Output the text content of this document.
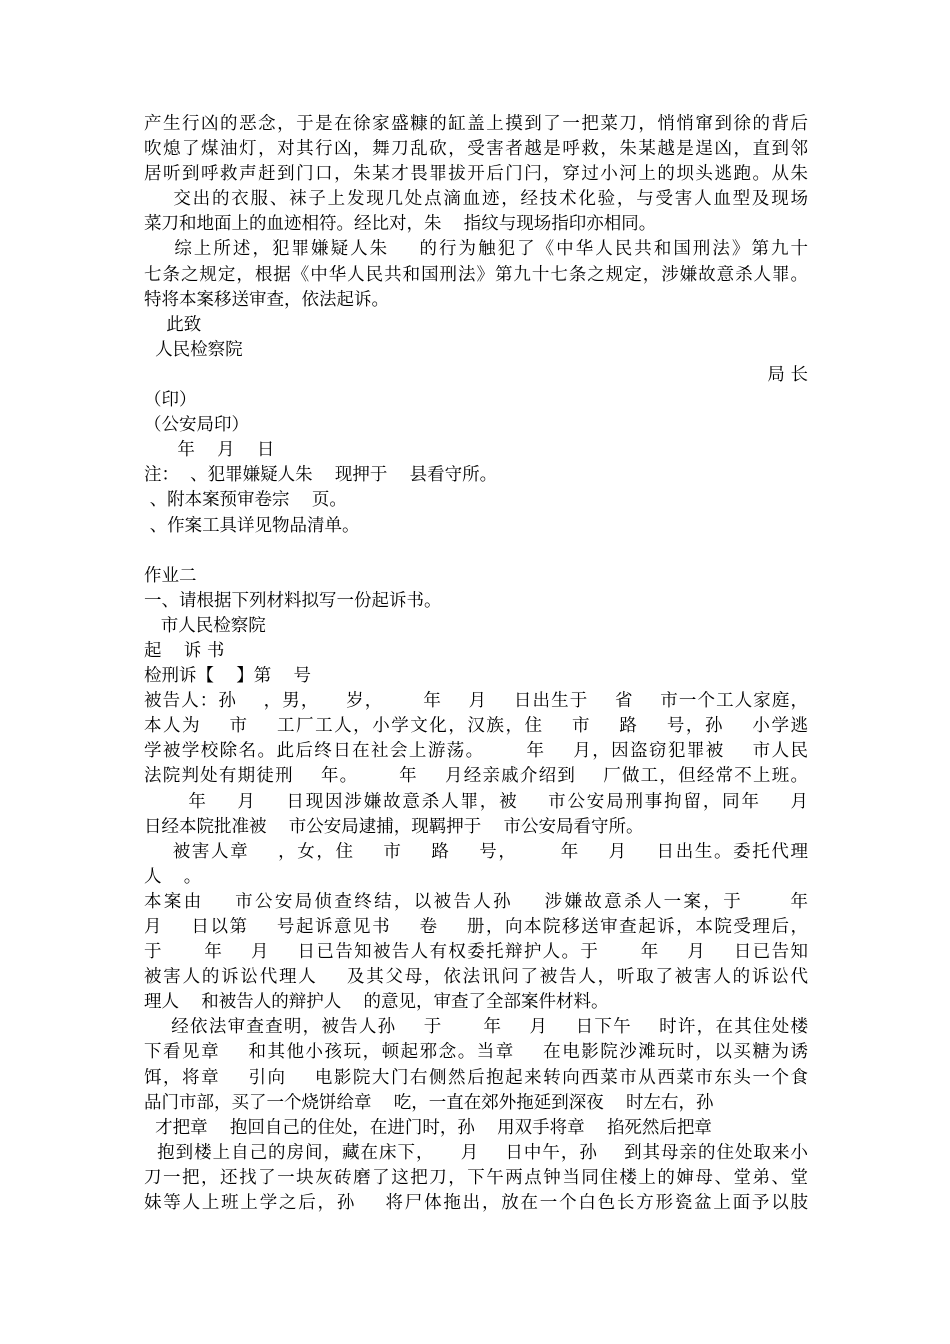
产生行凶的恶念，于是在徐家盛糠的缸盖上摸到了一把菜刀，悄悄窜到徐的背后
吹熄了煤油灯，对其行凶，舞刀乱砍，受害者越是呼救，朱某越是逞凶，直到邻
居听到呼救声赶到门口，朱某才畏罪拔开后门闩，穿过小河上的坝头逃跑。从朱
交出的衣服、袜子上发现几处点滴血迹，经技术化验，与受害人血型及现场
菜刀和地面上的血迹相符。经比对，朱    指纹与现场指印亦相同。
综上所述，犯罪嫌疑人朱    的行为触犯了《中华人民共和国刑法》第九十
七条之规定，根据《中华人民共和国刑法》第九十七条之规定，涉嫌故意杀人罪。
特将本案移送审查，依法起诉。
此致
人民检察院
局 长
（印）
（公安局印）
年    月    日
注：  、犯罪嫌疑人朱    现押于    县看守所。
、附本案预审卷宗    页。
、作案工具详见物品清单。
作业二
一、请根据下列材料拟写一份起诉书。
市人民检察院
起    诉 书
检刑诉【    】第    号
被告人：孙    ，男，    岁，      年    月    日出生于    省    市一个工人家庭，
本人为    市    工厂工人，小学文化，汉族，住    市    路    号，孙    小学逃
学被学校除名。此后终日在社会上游荡。      年    月，因盗窃犯罪被    市人民
法院判处有期徒刑    年。      年    月经亲戚介绍到    厂做工，但经常不上班。
年    月    日现因涉嫌故意杀人罪，被    市公安局刑事拘留，同年    月
日经本院批准被    市公安局逮捕，现羁押于    市公安局看守所。
被害人章    ，女，住    市    路    号，      年    月    日出生。委托代理
人    。
本案由    市公安局侦查终结，以被告人孙    涉嫌故意杀人一案，于      年
月    日以第    号起诉意见书    卷    册，向本院移送审查起诉，本院受理后，
于      年    月    日已告知被告人有权委托辩护人。于      年    月    日已告知
被害人的诉讼代理人    及其父母，依法讯问了被告人，听取了被害人的诉讼代
理人    和被告人的辩护人    的意见，审查了全部案件材料。
经依法审查查明，被告人孙    于      年    月    日下午    时许，在其住处楼
下看见章    和其他小孩玩，顿起邪念。当章    在电影院沙滩玩时，以买糖为诱
饵，将章    引向    电影院大门右侧然后抱起来转向西菜市从西菜市东头一个食
品门市部，买了一个烧饼给章    吃，一直在郊外拖延到深夜    时左右，孙
才把章    抱回自己的住处，在进门时，孙    用双手将章    掐死然后把章
抱到楼上自己的房间，藏在床下，    月    日中午，孙    到其母亲的住处取来小
刀一把，还找了一块灰砖磨了这把刀，下午两点钟当同住楼上的婶母、堂弟、堂
妹等人上班上学之后，孙    将尸体拖出，放在一个白色长方形瓷盆上面予以肢
